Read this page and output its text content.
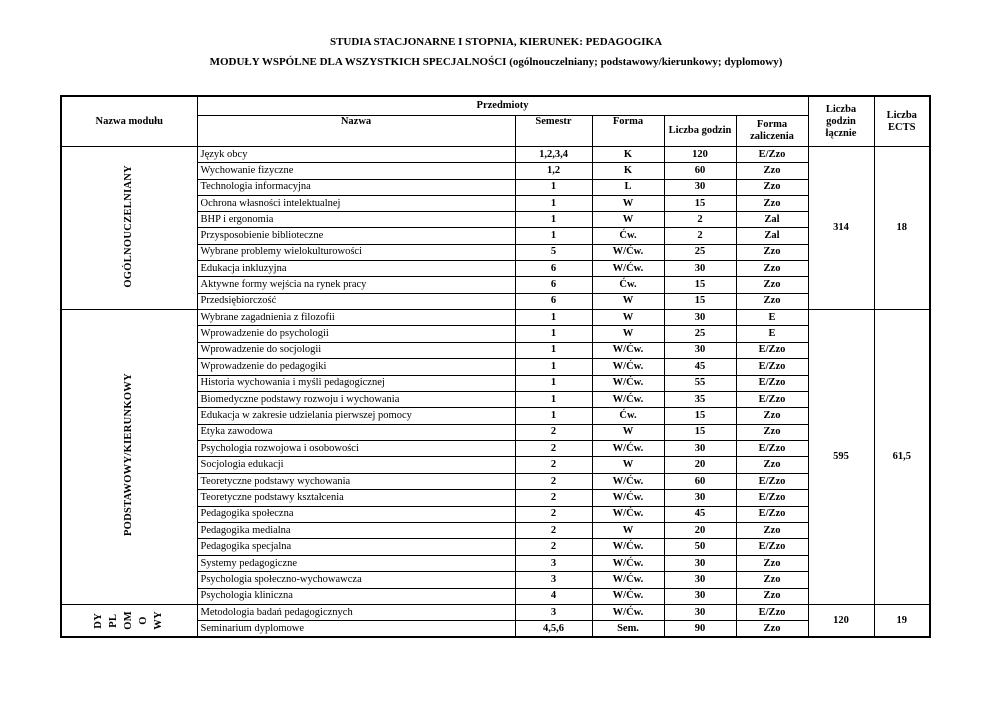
STUDIA STACJONARNE I STOPNIA, KIERUNEK: PEDAGOGIKA
MODUŁY WSPÓLNE DLA WSZYSTKICH SPECJALNOŚCI (ogólnouczelniany; podstawowy/kierunkowy; dyplomowy)
Nazwa modułu	Przedmioty					Liczba godzin łącznie	Liczba ECTS
	Nazwa	Semestr	Forma	Liczba godzin	Forma zaliczenia		
OGÓLNOUCZELNIANY	Język obcy	1,2,3,4	K	120	E/Zzo	314	18
	Wychowanie fizyczne	1,2	K	60	Zzo		
	Technologia informacyjna	1	L	30	Zzo		
	Ochrona własności intelektualnej	1	W	15	Zzo		
	BHP i ergonomia	1	W	2	Zal		
	Przysposobienie biblioteczne	1	Ćw.	2	Zal		
	Wybrane problemy wielokulturowości	5	W/Ćw.	25	Zzo		
	Edukacja inkluzyjna	6	W/Ćw.	30	Zzo		
	Aktywne formy wejścia na rynek pracy	6	Ćw.	15	Zzo		
	Przedsiębiorczość	6	W	15	Zzo		
PODSTAWOWY/KIERUNKOWY	Wybrane zagadnienia z filozofii	1	W	30	E	595	61,5
	Wprowadzenie do psychologii	1	W	25	E		
	Wprowadzenie do socjologii	1	W/Ćw.	30	E/Zzo		
	Wprowadzenie do pedagogiki	1	W/Ćw.	45	E/Zzo		
	Historia wychowania i myśli pedagogicznej	1	W/Ćw.	55	E/Zzo		
	Biomedyczne podstawy rozwoju i wychowania	1	W/Ćw.	35	E/Zzo		
	Edukacja w zakresie udzielania pierwszej pomocy	1	Ćw.	15	Zzo		
	Etyka zawodowa	2	W	15	Zzo		
	Psychologia rozwojowa i osobowości	2	W/Ćw.	30	E/Zzo		
	Socjologia edukacji	2	W	20	Zzo		
	Teoretyczne podstawy wychowania	2	W/Ćw.	60	E/Zzo		
	Teoretyczne podstawy kształcenia	2	W/Ćw.	30	E/Zzo		
	Pedagogika społeczna	2	W/Ćw.	45	E/Zzo		
	Pedagogika medialna	2	W	20	Zzo		
	Pedagogika specjalna	2	W/Ćw.	50	E/Zzo		
	Systemy pedagogiczne	3	W/Ćw.	30	Zzo		
	Psychologia społeczno-wychowawcza	3	W/Ćw.	30	Zzo		
	Psychologia kliniczna	4	W/Ćw.	30	Zzo		

DY PL OM O WY	Metodologia badań pedagogicznych	3	W/Ćw.	30	E/Zzo	120	19
	Seminarium dyplomowe	4,5,6	Sem.	90	Zzo		
